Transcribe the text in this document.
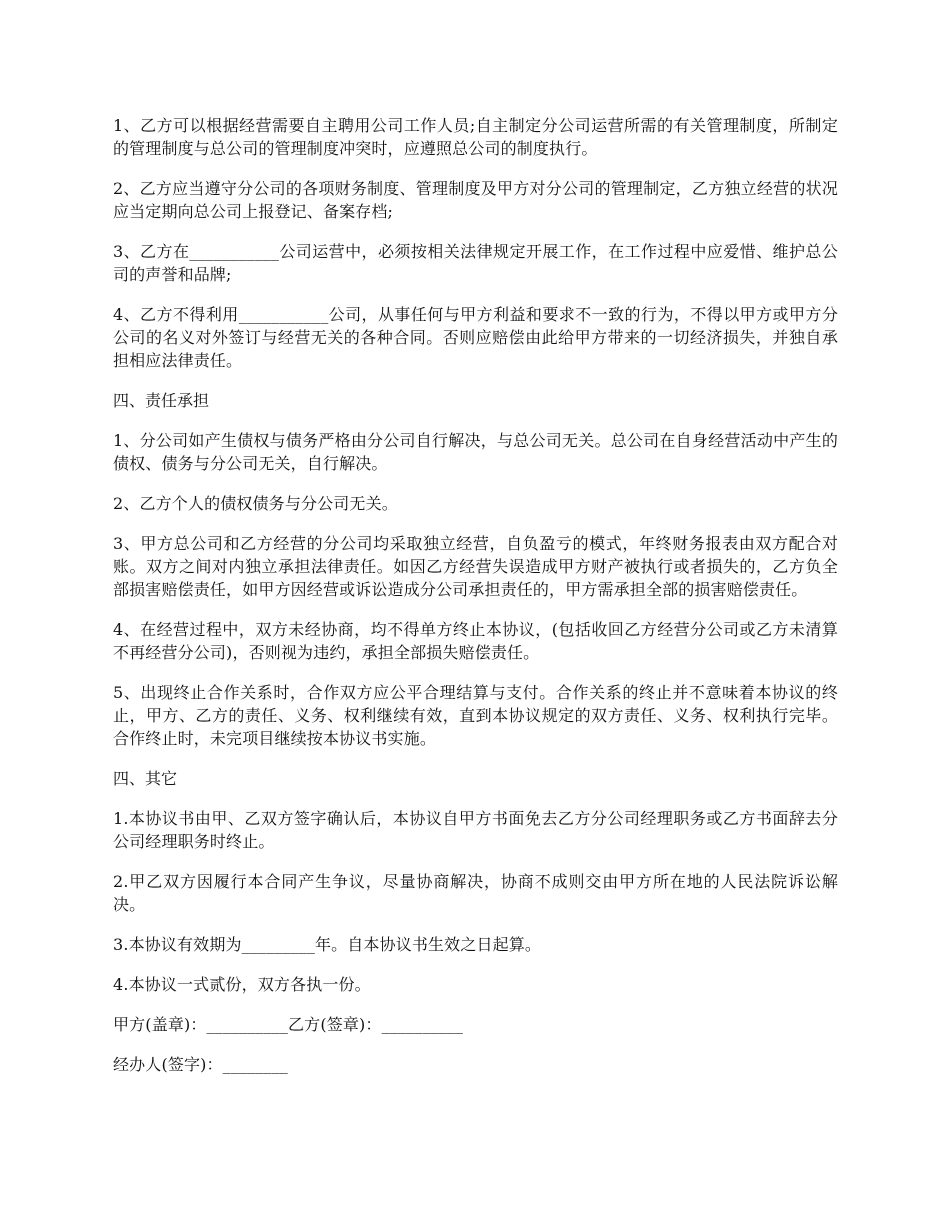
1、乙方可以根据经营需要自主聘用公司工作人员;自主制定分公司运营所需的有关管理制度，所制定的管理制度与总公司的管理制度冲突时，应遵照总公司的制度执行。

2、乙方应当遵守分公司的各项财务制度、管理制度及甲方对分公司的管理制定，乙方独立经营的状况应当定期向总公司上报登记、备案存档;

3、乙方在___________公司运营中，必须按相关法律规定开展工作，在工作过程中应爱惜、维护总公司的声誉和品牌;

4、乙方不得利用___________公司，从事任何与甲方利益和要求不一致的行为，不得以甲方或甲方分公司的名义对外签订与经营无关的各种合同。否则应赔偿由此给甲方带来的一切经济损失，并独自承担相应法律责任。

四、责任承担

1、分公司如产生债权与债务严格由分公司自行解决，与总公司无关。总公司在自身经营活动中产生的债权、债务与分公司无关，自行解决。

2、乙方个人的债权债务与分公司无关。

3、甲方总公司和乙方经营的分公司均采取独立经营，自负盈亏的模式，年终财务报表由双方配合对账。双方之间对内独立承担法律责任。如因乙方经营失误造成甲方财产被执行或者损失的，乙方负全部损害赔偿责任，如甲方因经营或诉讼造成分公司承担责任的，甲方需承担全部的损害赔偿责任。

4、在经营过程中，双方未经协商，均不得单方终止本协议，(包括收回乙方经营分公司或乙方未清算不再经营分公司)，否则视为违约，承担全部损失赔偿责任。

5、出现终止合作关系时，合作双方应公平合理结算与支付。合作关系的终止并不意味着本协议的终止，甲方、乙方的责任、义务、权利继续有效，直到本协议规定的双方责任、义务、权利执行完毕。合作终止时，未完项目继续按本协议书实施。

四、其它

1.本协议书由甲、乙双方签字确认后，本协议自甲方书面免去乙方分公司经理职务或乙方书面辞去分公司经理职务时终止。

2.甲乙双方因履行本合同产生争议，尽量协商解决，协商不成则交由甲方所在地的人民法院诉讼解决。

3.本协议有效期为_________年。自本协议书生效之日起算。

4.本协议一式贰份，双方各执一份。

甲方(盖章)：__________乙方(签章)：__________

经办人(签字)：________
